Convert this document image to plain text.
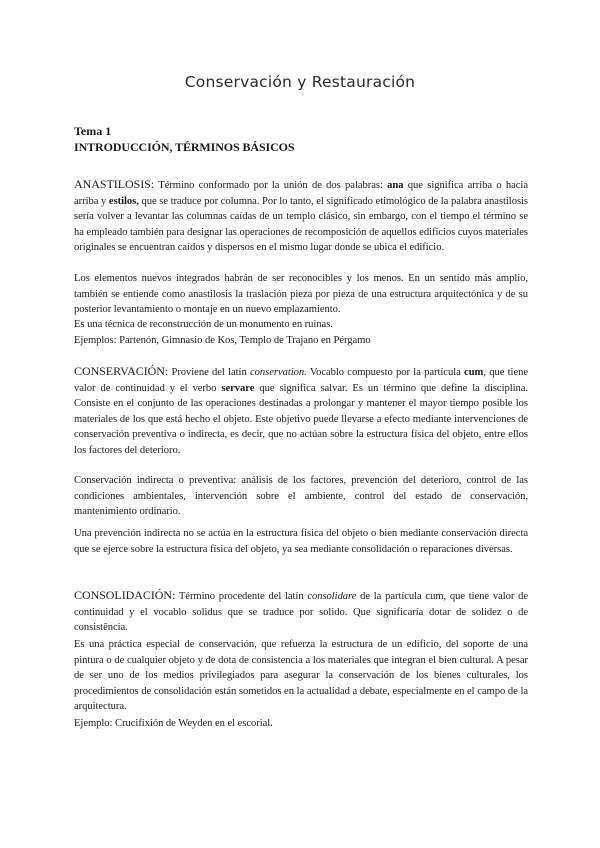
Conservación y Restauración
Tema 1
INTRODUCCIÓN, TÉRMINOS BÁSICOS
ANASTILOSIS: Término conformado por la unión de dos palabras: ana que significa arriba o hacia arriba y estilos, que se traduce por columna. Por lo tanto, el significado etimológico de la palabra anastilosis sería volver a levantar las columnas caídas de un templo clásico, sin embargo, con el tiempo el término se ha empleado también para designar las operaciones de recomposición de aquellos edificios cuyos materiales originales se encuentran caídos y dispersos en el mismo lugar donde se ubica el edificio.
Los elementos nuevos integrados habrán de ser reconocibles y los menos. En un sentido más amplio, también se entiende como anastilosis la traslación pieza por pieza de una estructura arquitectónica y de su posterior levantamiento o montaje en un nuevo emplazamiento.
Es una técnica de reconstrucción de un monumento en ruinas.
Ejemplos: Partenón, Gimnasio de Kos, Templo de Trajano en Pérgamo
CONSERVACIÓN: Proviene del latín conservation. Vocablo compuesto por la partícula cum, que tiene valor de continuidad y el verbo servare que significa salvar. Es un término que define la disciplina. Consiste en el conjunto de las operaciones destinadas a prolongar y mantener el mayor tiempo posible los materiales de los que está hecho el objeto. Este objetivo puede llevarse a efecto mediante intervenciones de conservación preventiva o indirecta, es decir, que no actúan sobre la estructura física del objeto, entre ellos los factores del deterioro.
Conservación indirecta o preventiva: análisis de los factores, prevención del deterioro, control de las condiciones ambientales, intervención sobre el ambiente, control del estado de conservación, mantenimiento ordinario.
Una prevención indirecta no se actúa en la estructura física del objeto o bien mediante conservación directa que se ejerce sobre la estructura física del objeto, ya sea mediante consolidación o reparaciones diversas.
CONSOLIDACIÓN: Término procedente del latín consolidare de la partícula cum, que tiene valor de continuidad y el vocablo solidus que se traduce por solido. Que significaría dotar de solidez o de consistência.
Es una práctica especial de conservación, que refuerza la estructura de un edificio, del soporte de una pintura o de cualquier objeto y de dota de consistencia a los materiales que integran el bien cultural. A pesar de ser uno de los medios privilegiados para asegurar la conservación de los bienes culturales, los procedimientos de consolidación están sometidos en la actualidad a debate, especialmente en el campo de la arquitectura.
Ejemplo: Crucifixión de Weyden en el escorial.
